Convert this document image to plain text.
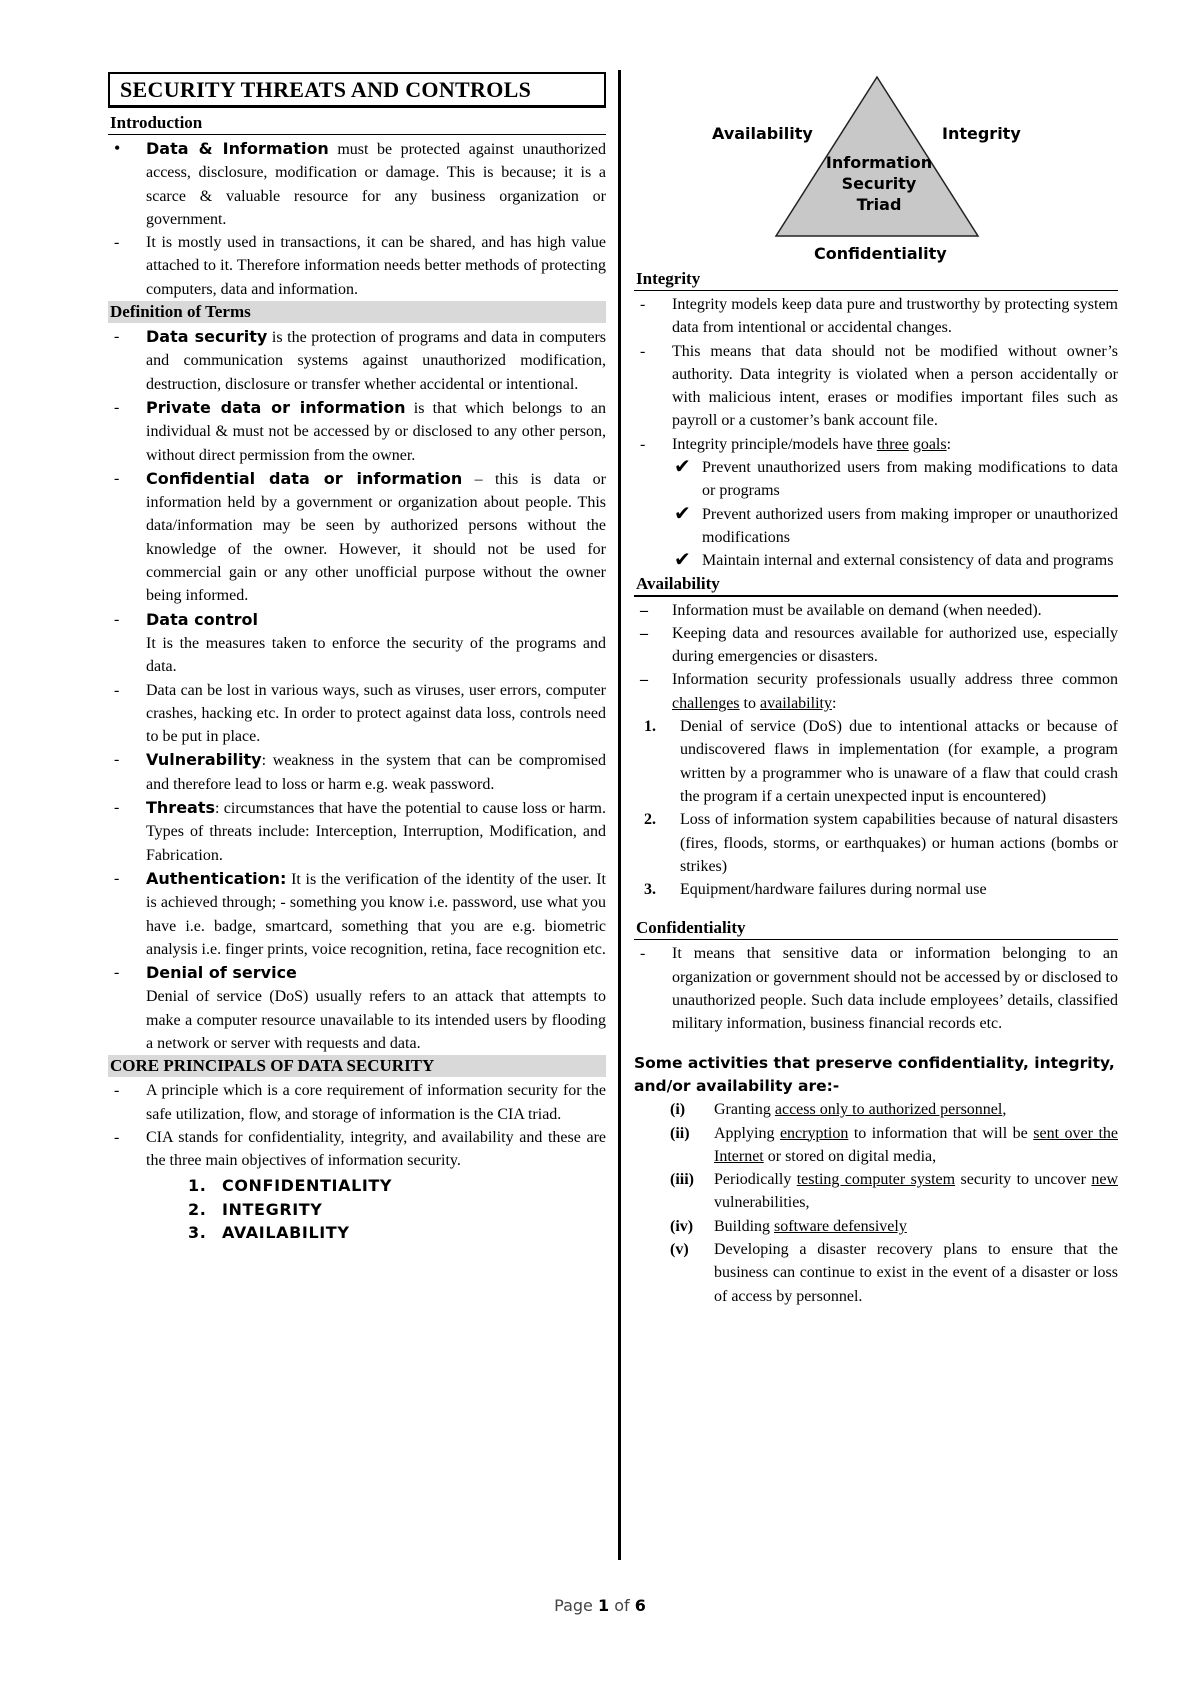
SECURITY THREATS AND CONTROLS
Introduction
•
Data & Information must be protected against unauthorized access, disclosure, modification or damage. This is because; it is a scarce & valuable resource for any business organization or government.
-	It is mostly used in transactions, it can be shared, and has high value attached to it. Therefore information needs better methods of protecting computers, data and information.
Definition of Terms
-	Data security is the protection of programs and data in computers and communication systems against unauthorized modification, destruction, disclosure or transfer whether accidental or intentional.
-	Private data or information is that which belongs to an individual & must not be accessed by or disclosed to any other person, without direct permission from the owner.
-	Confidential data or information – this is data or information held by a government or organization about people. This data/information may be seen by authorized persons without the knowledge of the owner. However, it should not be used for commercial gain or any other unofficial purpose without the owner being informed.
-	Data control
It is the measures taken to enforce the security of the programs and data.
-	Data can be lost in various ways, such as viruses, user errors, computer crashes, hacking etc. In order to protect against data loss, controls need to be put in place.
-	Vulnerability: weakness in the system that can be compromised and therefore lead to loss or harm e.g. weak password.
-	Threats: circumstances that have the potential to cause loss or harm. Types of threats include: Interception, Interruption, Modification, and Fabrication.
-	Authentication: It is the verification of the identity of the user. It is achieved through; - something you know i.e. password, use what you have i.e. badge, smartcard, something that you are e.g. biometric analysis i.e. finger prints, voice recognition, retina, face recognition etc.
-	Denial of service
Denial of service (DoS) usually refers to an attack that attempts to make a computer resource unavailable to its intended users by flooding a network or server with requests and data.
CORE PRINCIPALS OF DATA SECURITY
-	A principle which is a core requirement of information security for the safe utilization, flow, and storage of information is the CIA triad.
-	CIA stands for confidentiality, integrity, and availability and these are the three main objectives of information security.
1. CONFIDENTIALITY
2. INTEGRITY
3. AVAILABILITY
Availability	Integrity
Confidentiality
Information
Security
Triad
Integrity
-	Integrity models keep data pure and trustworthy by protecting system data from intentional or accidental changes.
-	This means that data should not be modified without owner’s authority. Data integrity is violated when a person accidentally or with malicious intent, erases or modifies important files such as payroll or a customer’s bank account file.
-	Integrity principle/models have three goals:
✔ Prevent unauthorized users from making modifications to data or programs
✔ Prevent authorized users from making improper or unauthorized modifications
✔ Maintain internal and external consistency of data and programs
Availability
–	Information must be available on demand (when needed).
–	Keeping data and resources available for authorized use, especially during emergencies or disasters.
–	Information security professionals usually address three common challenges to availability:
1. Denial of service (DoS) due to intentional attacks or because of undiscovered flaws in implementation (for example, a program written by a programmer who is unaware of a flaw that could crash the program if a certain unexpected input is encountered)
2. Loss of information system capabilities because of natural disasters (fires, floods, storms, or earthquakes) or human actions (bombs or strikes)
3. Equipment/hardware failures during normal use
Confidentiality
-	It means that sensitive data or information belonging to an organization or government should not be accessed by or disclosed to unauthorized people. Such data include employees’ details, classified military information, business financial records etc.
Some activities that preserve confidentiality, integrity, and/or availability are:-
(i) Granting access only to authorized personnel,
(ii) Applying encryption to information that will be sent over the Internet or stored on digital media,
(iii) Periodically testing computer system security to uncover new vulnerabilities,
(iv) Building software defensively
(v) Developing a disaster recovery plans to ensure that the business can continue to exist in the event of a disaster or loss of access by personnel.
Page 1 of 6
